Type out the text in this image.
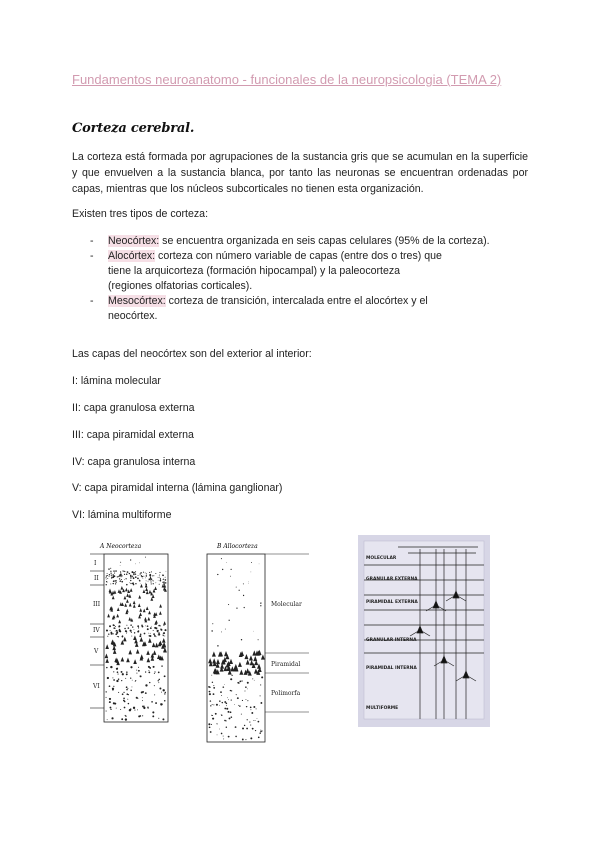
Fundamentos neuroanatomo - funcionales de la neuropsicologia (TEMA 2)
Corteza cerebral.
La corteza está formada por agrupaciones de la sustancia gris que se acumulan en la superficie y que envuelven a la sustancia blanca, por tanto las neuronas se encuentran ordenadas por capas, mientras que los núcleos subcorticales no tienen esta organización.
Existen tres tipos de corteza:
- Neocórtex: se encuentra organizada en seis capas celulares (95% de la corteza).
- Alocórtex: corteza con número variable de capas (entre dos o tres) que
tiene la arquicorteza (formación hipocampal) y la paleocorteza
(regiones olfatorias corticales).
- Mesocórtex: corteza de transición, intercalada entre el alocórtex y el
neocórtex.
Las capas del neocórtex son del exterior al interior:
I: lámina molecular
II: capa granulosa externa
III: capa piramidal externa
IV: capa granulosa interna
V: capa piramidal interna (lámina ganglionar)
VI: lámina multiforme
A Neocorteza
I
II
III
IV
V
VI
B Allocorteza
Molecular
Piramidal
Polimorfa
MOLECULAR
GRANULAR EXTERNA
PIRAMIDAL EXTERNA
GRANULAR INTERNA
PIRAMIDAL INTERNA
MULTIFORME
